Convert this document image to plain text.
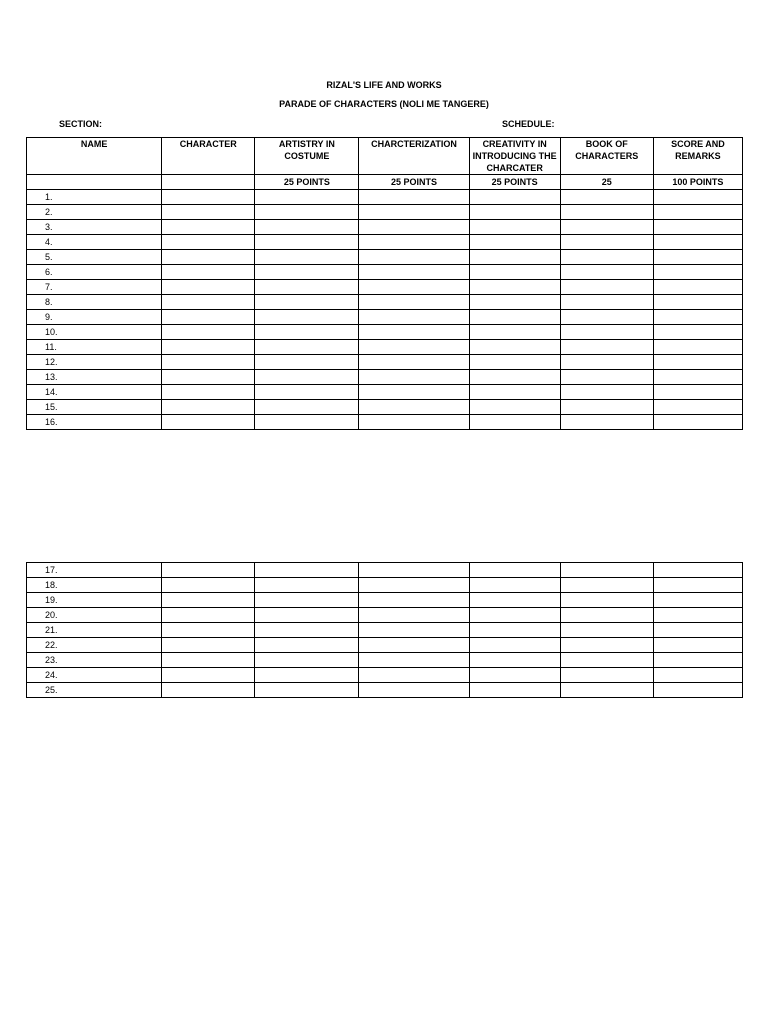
RIZAL'S LIFE AND WORKS
PARADE OF CHARACTERS (NOLI ME TANGERE)
SECTION:	SCHEDULE:
NAME	CHARACTER	ARTISTRY IN COSTUME	CHARCTERIZATION	CREATIVITY IN INTRODUCING THE CHARCATER	BOOK OF CHARACTERS	SCORE AND REMARKS
		25 POINTS	25 POINTS	25 POINTS	25	100 POINTS
1.						
2.						
3.						
4.						
5.						
6.						
7.						
8.						
9.						
10.						
11.						
12.						
13.						
14.						
15.						
16.						
17.						
18.						
19.						
20.						
21.						
22.						
23.						
24.						
25.						
